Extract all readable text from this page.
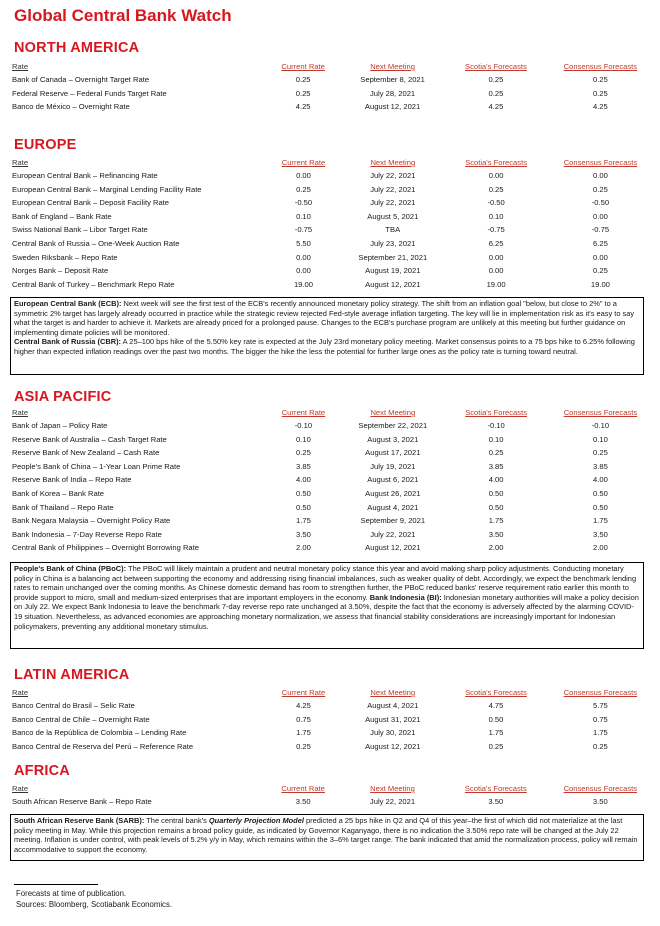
Global Central Bank Watch
NORTH AMERICA
Rate	Current Rate	Next Meeting	Scotia's Forecasts	Consensus Forecasts
Bank of Canada – Overnight Target Rate	0.25	September 8, 2021	0.25	0.25
Federal Reserve – Federal Funds Target Rate	0.25	July 28, 2021	0.25	0.25
Banco de México – Overnight Rate	4.25	August 12, 2021	4.25	4.25
EUROPE
Rate	Current Rate	Next Meeting	Scotia's Forecasts	Consensus Forecasts
European Central Bank – Refinancing Rate	0.00	July 22, 2021	0.00	0.00
European Central Bank – Marginal Lending Facility Rate	0.25	July 22, 2021	0.25	0.25
European Central Bank – Deposit Facility Rate	-0.50	July 22, 2021	-0.50	-0.50
Bank of England – Bank Rate	0.10	August 5, 2021	0.10	0.00
Swiss National Bank – Libor Target Rate	-0.75	TBA	-0.75	-0.75
Central Bank of Russia – One-Week Auction Rate	5.50	July 23, 2021	6.25	6.25
Sweden Riksbank – Repo Rate	0.00	September 21, 2021	0.00	0.00
Norges Bank – Deposit Rate	0.00	August 19, 2021	0.00	0.25
Central Bank of Turkey – Benchmark Repo Rate	19.00	August 12, 2021	19.00	19.00
European Central Bank (ECB): Next week will see the first test of the ECB's recently announced monetary policy strategy. The shift from an inflation goal "below, but close to 2%" to a symmetric 2% target has largely already occurred in practice while the strategic review rejected Fed-style average inflation targeting. The key will lie in implementation risk as it's easy to say what the target is and harder to achieve it. Markets are already priced for a prolonged pause. Changes to the ECB's purchase program are unlikely at this meeting but further guidance on implementing dimate policies will be monitored.
Central Bank of Russia (CBR): A 25–100 bps hike of the 5.50% key rate is expected at the July 23rd monetary policy meeting. Market consensus points to a 75 bps hike to 6.25% following higher than expected inflation readings over the past two months. The bigger the hike the less the potential for further large ones as the policy rate is turning toward neutral.
ASIA PACIFIC
Rate	Current Rate	Next Meeting	Scotia's Forecasts	Consensus Forecasts
Bank of Japan – Policy Rate	-0.10	September 22, 2021	-0.10	-0.10
Reserve Bank of Australia – Cash Target Rate	0.10	August 3, 2021	0.10	0.10
Reserve Bank of New Zealand – Cash Rate	0.25	August 17, 2021	0.25	0.25
People's Bank of China – 1-Year Loan Prime Rate	3.85	July 19, 2021	3.85	3.85
Reserve Bank of India – Repo Rate	4.00	August 6, 2021	4.00	4.00
Bank of Korea – Bank Rate	0.50	August 26, 2021	0.50	0.50
Bank of Thailand – Repo Rate	0.50	August 4, 2021	0.50	0.50
Bank Negara Malaysia – Overnight Policy Rate	1.75	September 9, 2021	1.75	1.75
Bank Indonesia – 7-Day Reverse Repo Rate	3.50	July 22, 2021	3.50	3.50
Central Bank of Philippines – Overnight Borrowing Rate	2.00	August 12, 2021	2.00	2.00
People's Bank of China (PBoC): The PBoC will likely maintain a prudent and neutral monetary policy stance this year and avoid making sharp policy adjustments. Conducting monetary policy in China is a balancing act between supporting the economy and addressing rising financial imbalances, such as weaker quality of debt. Accordingly, we expect the benchmark lending rates to remain unchanged over the coming months. As Chinese domestic demand has room to strengthen further, the PBoC reduced banks' reserve requirement ratio earlier this month to provide support to micro, small and medium-sized enterprises that are important employers in the economy. Bank Indonesia (BI): Indonesian monetary authorities will make a policy decision on July 22. We expect Bank Indonesia to leave the benchmark 7-day reverse repo rate unchanged at 3.50%, despite the fact that the economy is adversely affected by the alarming COVID-19 situation. Nevertheless, as advanced economies are approaching monetary normalization, we assess that financial stability considerations are increasingly important for Indonesian policymakers, preventing any additional monetary stimulus.
LATIN AMERICA
Rate	Current Rate	Next Meeting	Scotia's Forecasts	Consensus Forecasts
Banco Central do Brasil – Selic Rate	4.25	August 4, 2021	4.75	5.75
Banco Central de Chile – Overnight Rate	0.75	August 31, 2021	0.50	0.75
Banco de la República de Colombia – Lending Rate	1.75	July 30, 2021	1.75	1.75
Banco Central de Reserva del Perú – Reference Rate	0.25	August 12, 2021	0.25	0.25
AFRICA
Rate	Current Rate	Next Meeting	Scotia's Forecasts	Consensus Forecasts
South African Reserve Bank – Repo Rate	3.50	July 22, 2021	3.50	3.50
South African Reserve Bank (SARB): The central bank's Quarterly Projection Model predicted a 25 bps hike in Q2 and Q4 of this year–the first of which did not materialize at the last policy meeting in May. While this projection remains a broad policy guide, as indicated by Governor Kaganyago, there is no indication the 3.50% repo rate will be changed at the July 22 meeting. Inflation is under control, with peak levels of 5.2% y/y in May, which remains within the 3–6% target range. The bank indicated that amid the normalization process, policy will remain accommodative to support the economy.
Forecasts at time of publication.
Sources: Bloomberg, Scotiabank Economics.
